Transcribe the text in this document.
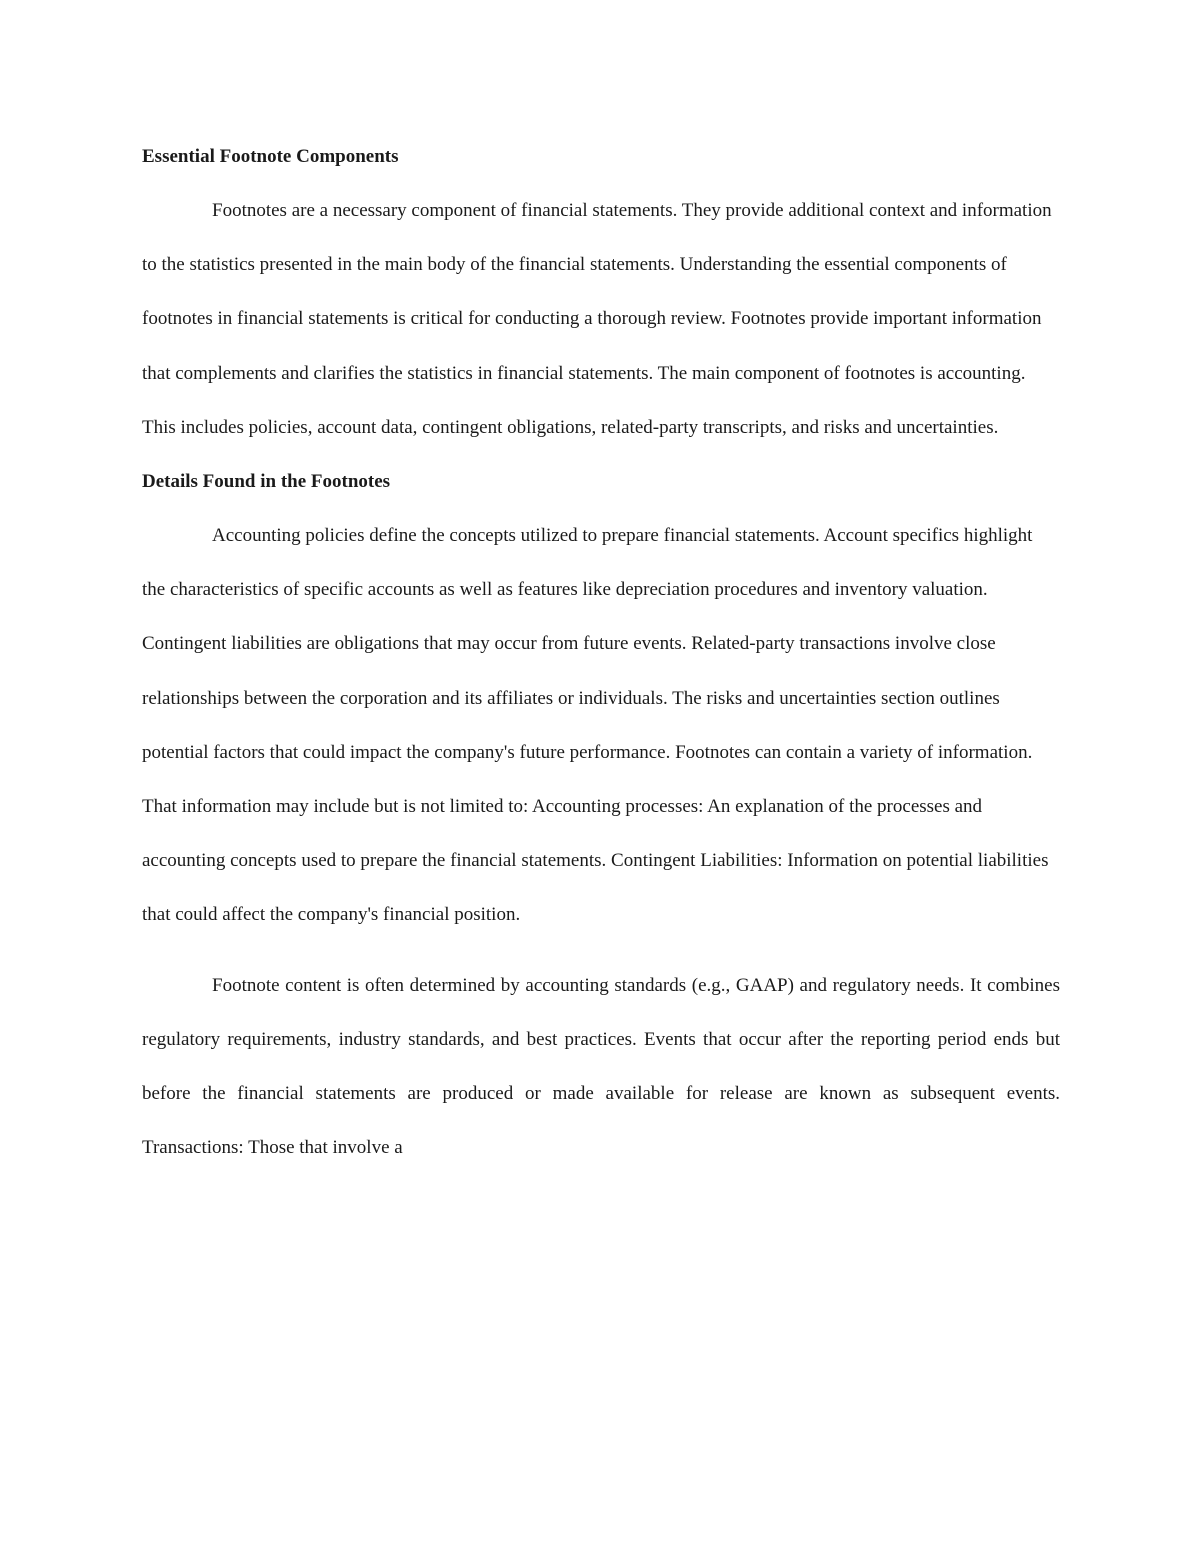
Essential Footnote Components

Footnotes are a necessary component of financial statements. They provide additional context and information to the statistics presented in the main body of the financial statements. Understanding the essential components of footnotes in financial statements is critical for conducting a thorough review. Footnotes provide important information that complements and clarifies the statistics in financial statements. The main component of footnotes is accounting. This includes policies, account data, contingent obligations, related-party transcripts, and risks and uncertainties.

Details Found in the Footnotes

Accounting policies define the concepts utilized to prepare financial statements. Account specifics highlight the characteristics of specific accounts as well as features like depreciation procedures and inventory valuation. Contingent liabilities are obligations that may occur from future events. Related-party transactions involve close relationships between the corporation and its affiliates or individuals. The risks and uncertainties section outlines potential factors that could impact the company's future performance. Footnotes can contain a variety of information. That information may include but is not limited to: Accounting processes: An explanation of the processes and accounting concepts used to prepare the financial statements. Contingent Liabilities: Information on potential liabilities that could affect the company's financial position.

Footnote content is often determined by accounting standards (e.g., GAAP) and regulatory needs. It combines regulatory requirements, industry standards, and best practices. Events that occur after the reporting period ends but before the financial statements are produced or made available for release are known as subsequent events. Transactions: Those that involve a
